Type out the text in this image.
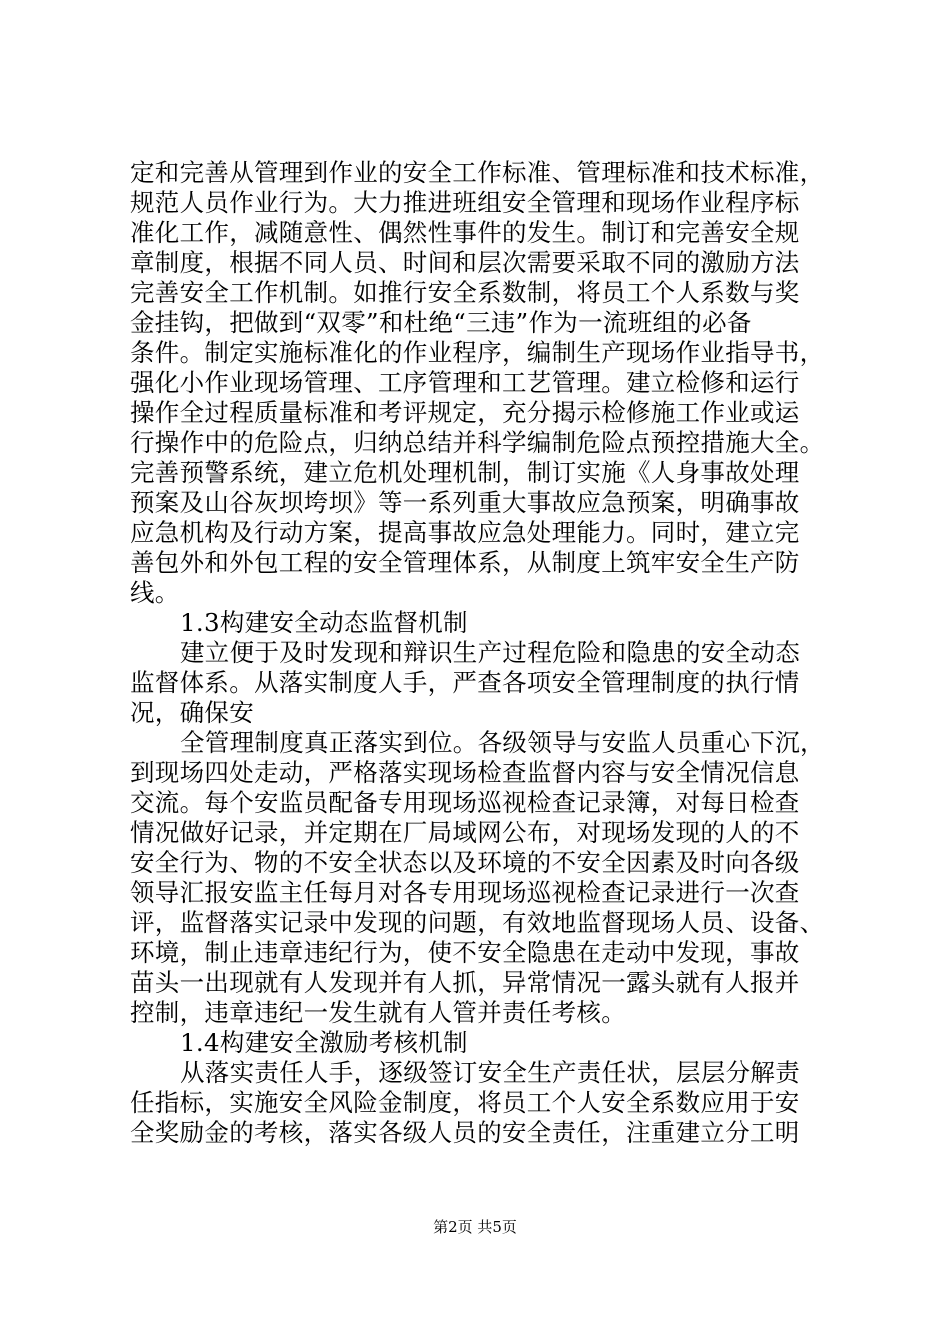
定和完善从管理到作业的安全工作标准、管理标准和技术标准，
规范人员作业行为。大力推进班组安全管理和现场作业程序标
准化工作，减随意性、偶然性事件的发生。制订和完善安全规
章制度，根据不同人员、时间和层次需要采取不同的激励方法
完善安全工作机制。如推行安全系数制，将员工个人系数与奖
金挂钩，把做到“双零”和杜绝“三违”作为一流班组的必备
条件。制定实施标准化的作业程序，编制生产现场作业指导书，
强化小作业现场管理、工序管理和工艺管理。建立检修和运行
操作全过程质量标准和考评规定，充分揭示检修施工作业或运
行操作中的危险点，归纳总结并科学编制危险点预控措施大全。
完善预警系统，建立危机处理机制，制订实施《人身事故处理
预案及山谷灰坝垮坝》等一系列重大事故应急预案，明确事故
应急机构及行动方案，提高事故应急处理能力。同时，建立完
善包外和外包工程的安全管理体系，从制度上筑牢安全生产防
线。
1.3构建安全动态监督机制
建立便于及时发现和辩识生产过程危险和隐患的安全动态
监督体系。从落实制度人手，严查各项安全管理制度的执行情
况，确保安
全管理制度真正落实到位。各级领导与安监人员重心下沉，
到现场四处走动，严格落实现场检查监督内容与安全情况信息
交流。每个安监员配备专用现场巡视检查记录簿，对每日检查
情况做好记录，并定期在厂局域网公布，对现场发现的人的不
安全行为、物的不安全状态以及环境的不安全因素及时向各级
领导汇报安监主任每月对各专用现场巡视检查记录进行一次查
评，监督落实记录中发现的问题，有效地监督现场人员、设备、
环境，制止违章违纪行为，使不安全隐患在走动中发现，事故
苗头一出现就有人发现并有人抓，异常情况一露头就有人报并
控制，违章违纪一发生就有人管并责任考核。
1.4构建安全激励考核机制
从落实责任人手，逐级签订安全生产责任状，层层分解责
任指标，实施安全风险金制度，将员工个人安全系数应用于安
全奖励金的考核，落实各级人员的安全责任，注重建立分工明
第2页 共5页
